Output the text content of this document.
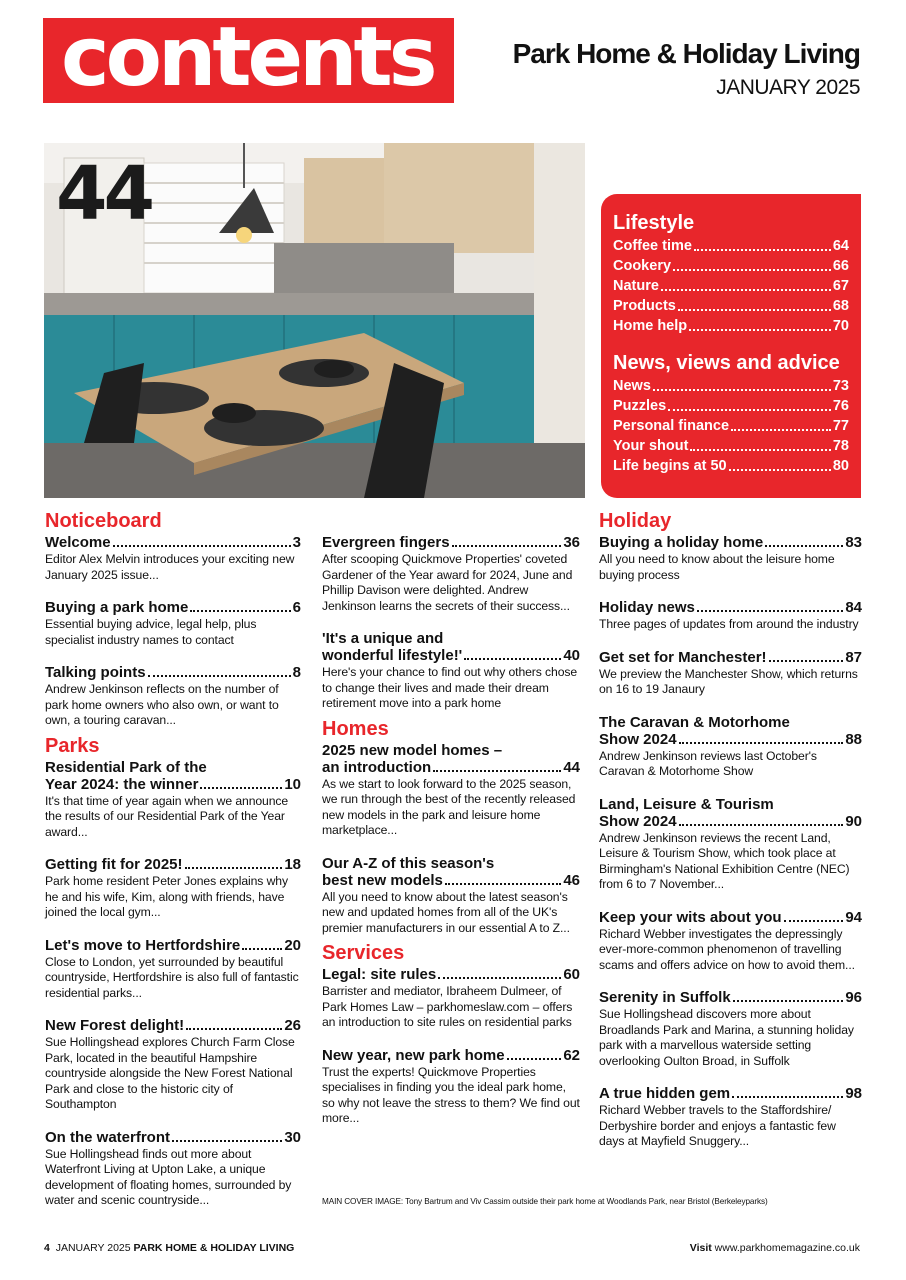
contents	Park Home & Holiday Living
JANUARY 2025
44	Lifestyle
Coffee time	64
Cookery	66
Nature	67
Products	68
Home help	70
News, views and advice
News	73
Puzzles	76
Personal finance	77
Your shout	78
Life begins at 50	80
Noticeboard
Welcome	3
Editor Alex Melvin introduces your exciting new January 2025 issue...
Buying a park home	6
Essential buying advice, legal help, plus specialist industry names to contact
Talking points	8
Andrew Jenkinson reflects on the number of park home owners who also own, or want to own, a touring caravan...
Parks
Residential Park of the
Year 2024: the winner	10
It's that time of year again when we announce the results of our Residential Park of the Year award...
Getting fit for 2025!	18
Park home resident Peter Jones explains why he and his wife, Kim, along with friends, have joined the local gym...
Let's move to Hertfordshire	20
Close to London, yet surrounded by beautiful countryside, Hertfordshire is also full of fantastic residential parks...
New Forest delight!	26
Sue Hollingshead explores Church Farm Close Park, located in the beautiful Hampshire countryside alongside the New Forest National Park and close to the historic city of Southampton
On the waterfront	30
Sue Hollingshead finds out more about Waterfront Living at Upton Lake, a unique development of floating homes, surrounded by water and scenic countryside...
Evergreen fingers	36
After scooping Quickmove Properties' coveted Gardener of the Year award for 2024, June and Phillip Davison were delighted. Andrew Jenkinson learns the secrets of their success...
'It's a unique and
wonderful lifestyle!'	40
Here's your chance to find out why others chose to change their lives and made their dream retirement move into a park home
Homes
2025 new model homes –
an introduction	44
As we start to look forward to the 2025 season, we run through the best of the recently released new models in the park and leisure home marketplace...
Our A-Z of this season's
best new models	46
All you need to know about the latest season's new and updated homes from all of the UK's premier manufacturers in our essential A to Z...
Services
Legal: site rules	60
Barrister and mediator, Ibraheem Dulmeer, of Park Homes Law – parkhomeslaw.com – offers an introduction to site rules on residential parks
New year, new park home	62
Trust the experts! Quickmove Properties specialises in finding you the ideal park home, so why not leave the stress to them? We find out more...
Holiday
Buying a holiday home	83
All you need to know about the leisure home buying process
Holiday news	84
Three pages of updates from around the industry
Get set for Manchester!	87
We preview the Manchester Show, which returns on 16 to 19 Janaury
The Caravan & Motorhome
Show 2024	88
Andrew Jenkinson reviews last October's Caravan & Motorhome Show
Land, Leisure & Tourism
Show 2024	90
Andrew Jenkinson reviews the recent Land, Leisure & Tourism Show, which took place at Birmingham's National Exhibition Centre (NEC) from 6 to 7 November...
Keep your wits about you	94
Richard Webber investigates the depressingly ever-more-common phenomenon of travelling scams and offers advice on how to avoid them...
Serenity in Suffolk	96
Sue Hollingshead discovers more about Broadlands Park and Marina, a stunning holiday park with a marvellous waterside setting overlooking Oulton Broad, in Suffolk
A true hidden gem	98
Richard Webber travels to the Staffordshire/ Derbyshire border and enjoys a fantastic few days at Mayfield Snuggery...
MAIN COVER IMAGE: Tony Bartrum and Viv Cassim outside their park home at Woodlands Park, near Bristol (Berkeleyparks)
4 JANUARY 2025 PARK HOME & HOLIDAY LIVING	Visit www.parkhomemagazine.co.uk
